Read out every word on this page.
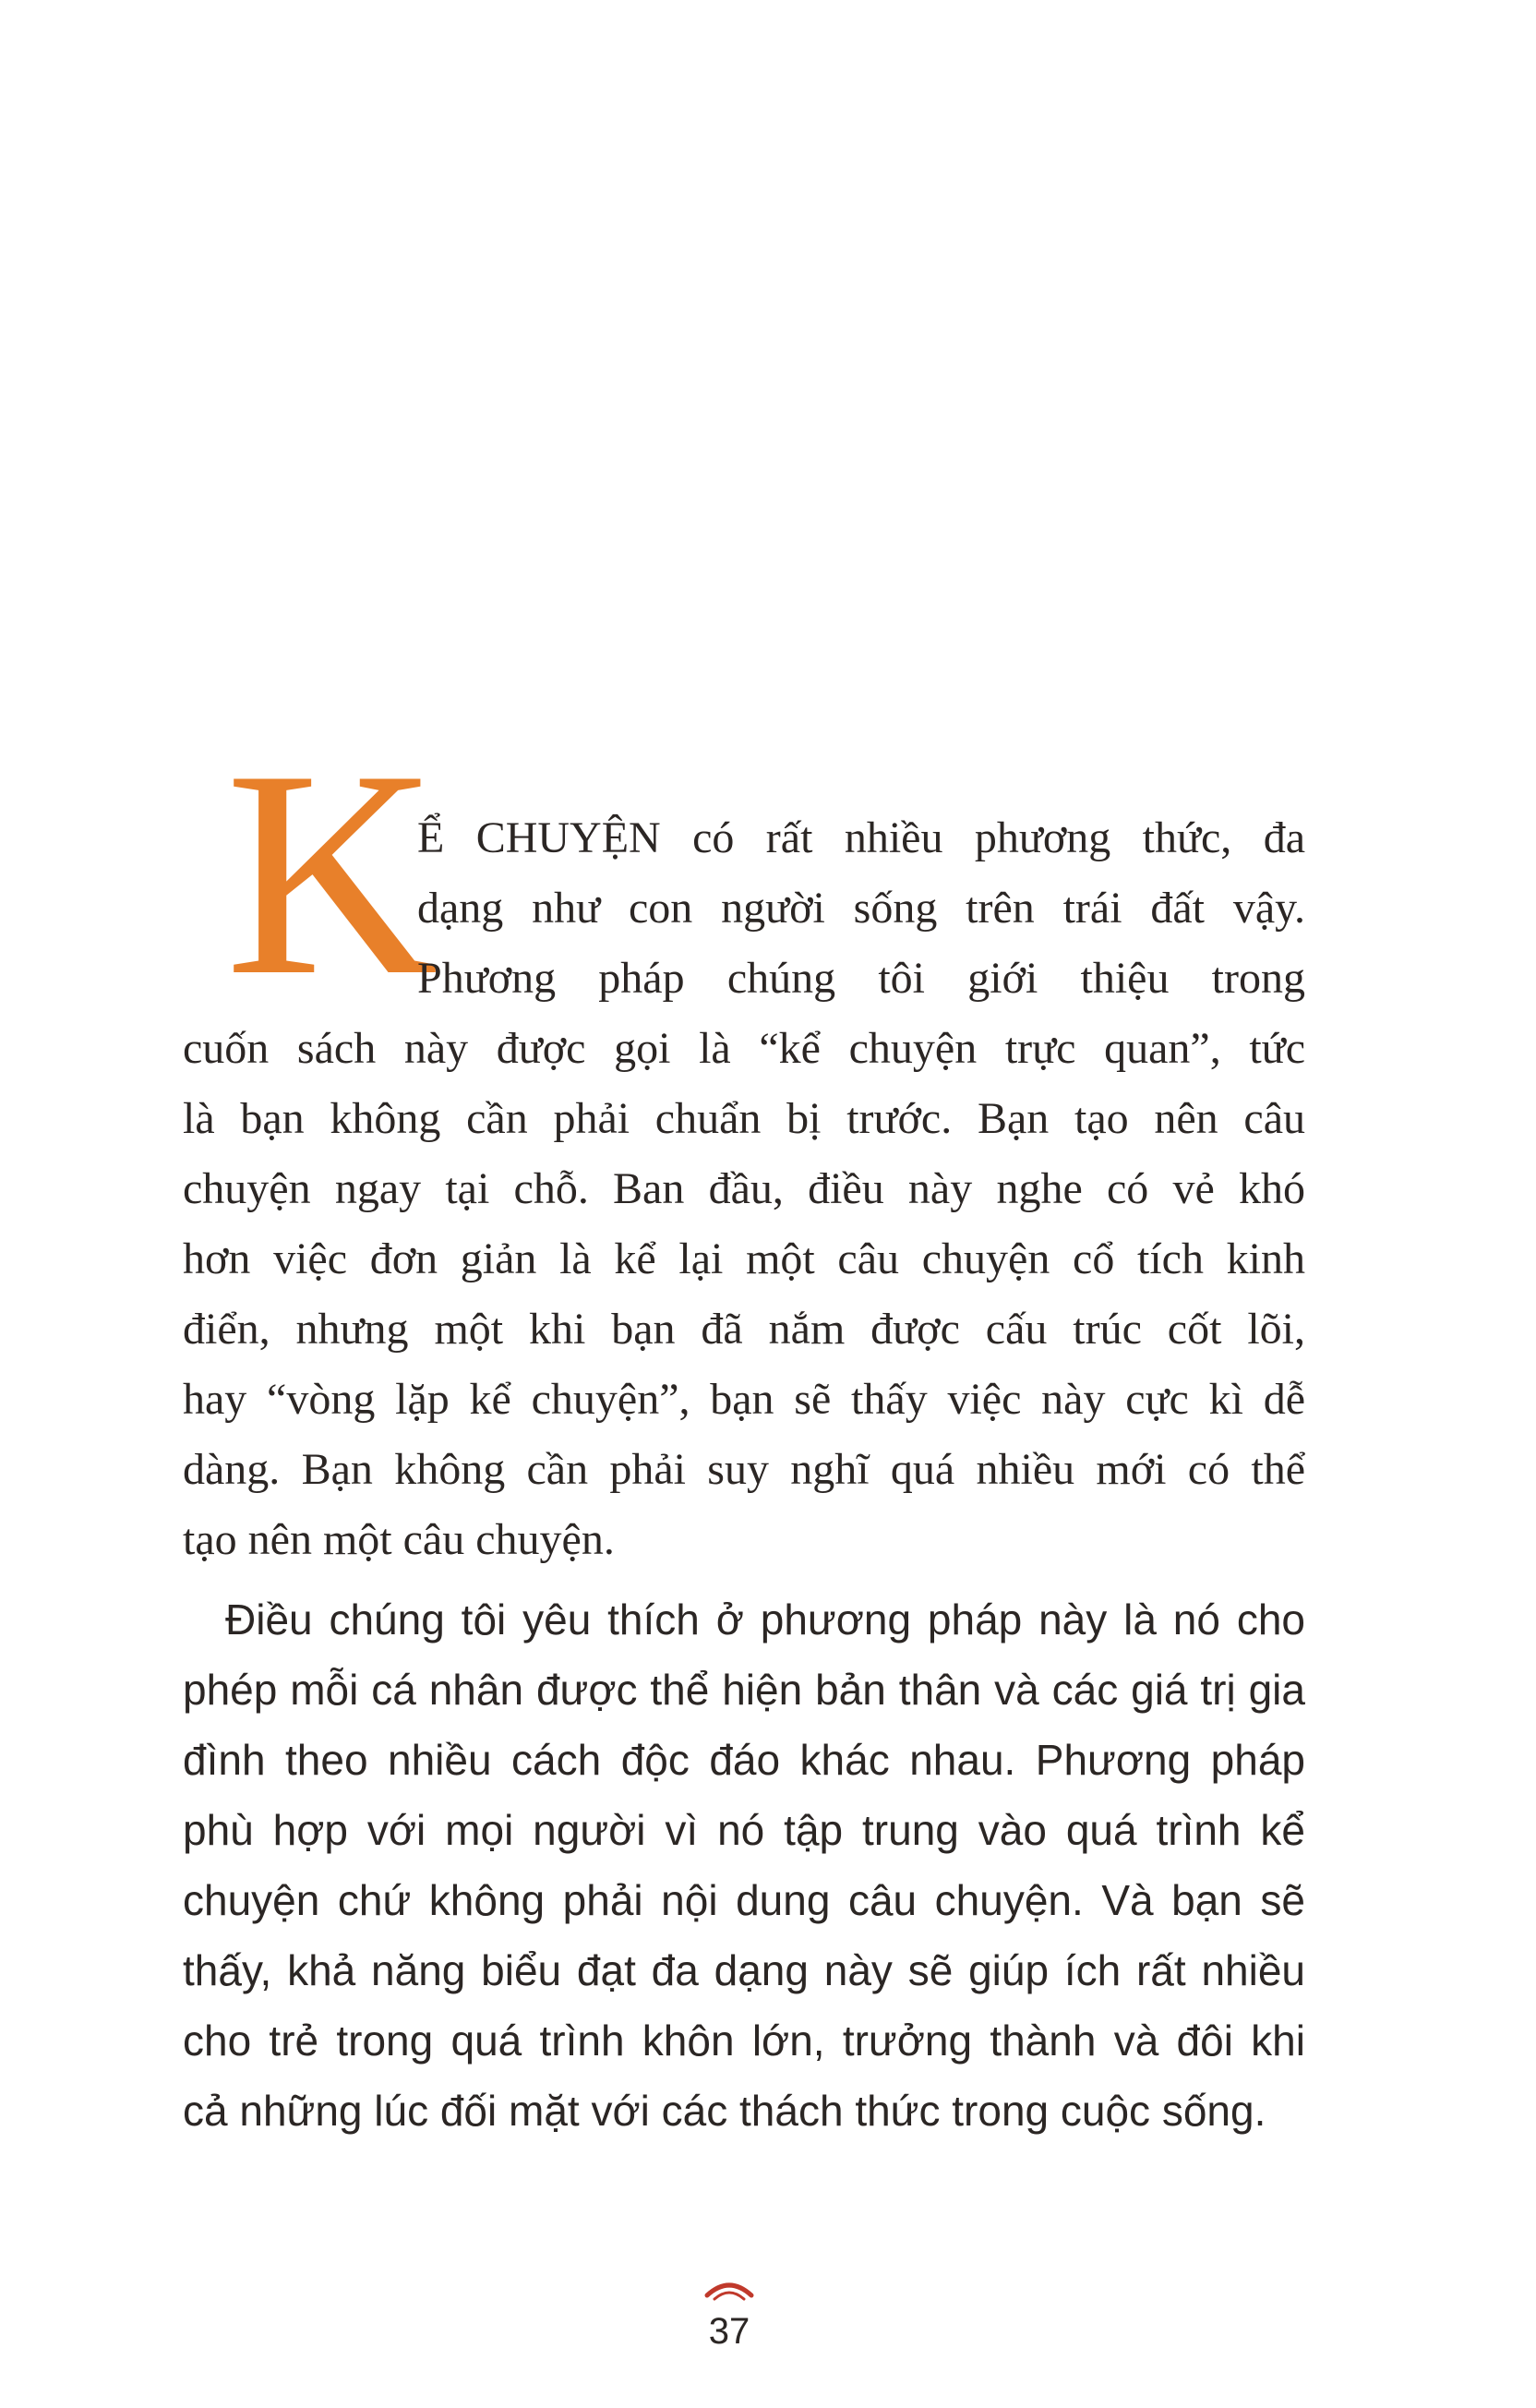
K
Ể CHUYỆN có rất nhiều phương thức, đa
dạng như con người sống trên trái đất vậy.
Phương pháp chúng tôi giới thiệu trong
cuốn sách này được gọi là “kể chuyện trực quan”, tức
là bạn không cần phải chuẩn bị trước. Bạn tạo nên câu
chuyện ngay tại chỗ. Ban đầu, điều này nghe có vẻ khó
hơn việc đơn giản là kể lại một câu chuyện cổ tích kinh
điển, nhưng một khi bạn đã nắm được cấu trúc cốt lõi,
hay “vòng lặp kể chuyện”, bạn sẽ thấy việc này cực kì dễ
dàng. Bạn không cần phải suy nghĩ quá nhiều mới có thể
tạo nên một câu chuyện.
Điều chúng tôi yêu thích ở phương pháp này là nó cho
phép mỗi cá nhân được thể hiện bản thân và các giá trị gia
đình theo nhiều cách độc đáo khác nhau. Phương pháp
phù hợp với mọi người vì nó tập trung vào quá trình kể
chuyện chứ không phải nội dung câu chuyện. Và bạn sẽ
thấy, khả năng biểu đạt đa dạng này sẽ giúp ích rất nhiều
cho trẻ trong quá trình khôn lớn, trưởng thành và đôi khi
cả những lúc đối mặt với các thách thức trong cuộc sống.
37
